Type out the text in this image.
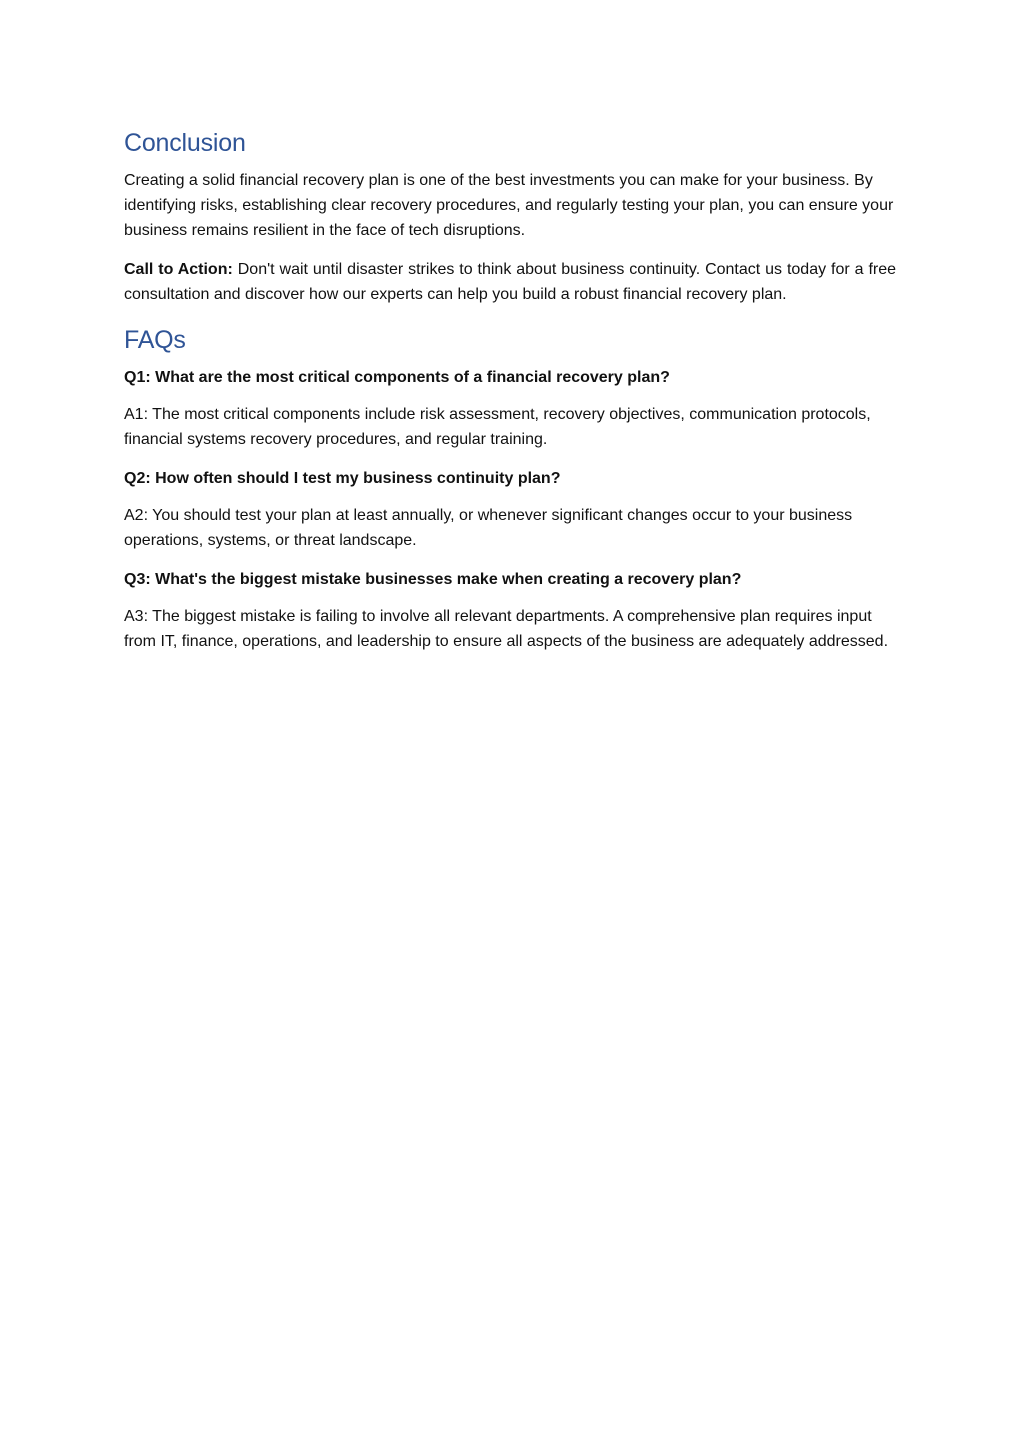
Conclusion

Creating a solid financial recovery plan is one of the best investments you can make for your business. By identifying risks, establishing clear recovery procedures, and regularly testing your plan, you can ensure your business remains resilient in the face of tech disruptions.

Call to Action: Don't wait until disaster strikes to think about business continuity. Contact us today for a free consultation and discover how our experts can help you build a robust financial recovery plan.

FAQs

Q1: What are the most critical components of a financial recovery plan?

A1: The most critical components include risk assessment, recovery objectives, communication protocols, financial systems recovery procedures, and regular training.

Q2: How often should I test my business continuity plan?

A2: You should test your plan at least annually, or whenever significant changes occur to your business operations, systems, or threat landscape.

Q3: What's the biggest mistake businesses make when creating a recovery plan?

A3: The biggest mistake is failing to involve all relevant departments. A comprehensive plan requires input from IT, finance, operations, and leadership to ensure all aspects of the business are adequately addressed.
